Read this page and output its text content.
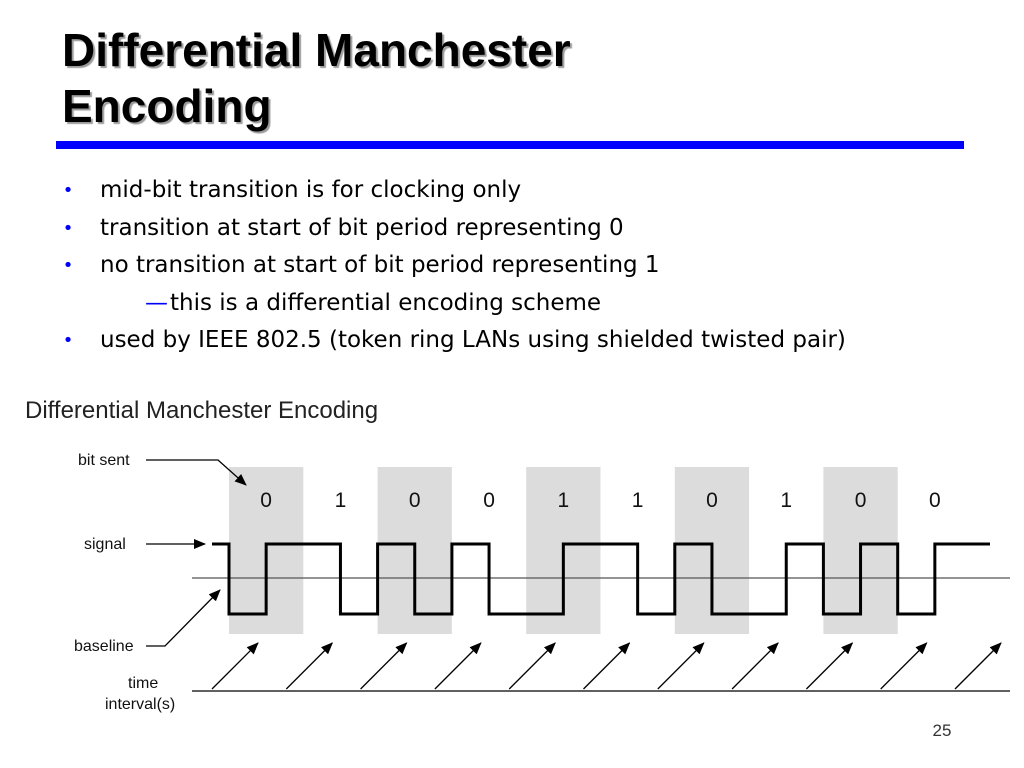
Differential Manchester
Encoding
• mid-bit transition is for clocking only
• transition at start of bit period representing 0
• no transition at start of bit period representing 1
—this is a differential encoding scheme
• used by IEEE 802.5 (token ring LANs using shielded twisted pair)
Differential Manchester Encoding
bit sent
signal
baseline
time
interval(s)
0	1	0	0	1	1	0	1	0	0
25
